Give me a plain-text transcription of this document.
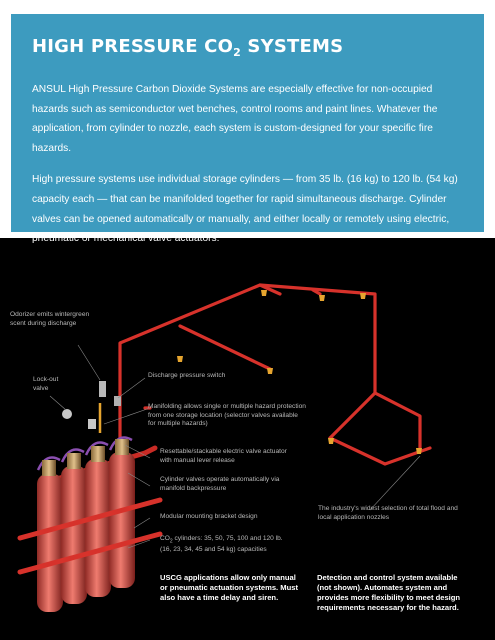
HIGH PRESSURE $CO_2$ SYSTEMS

ANSUL High Pressure Carbon Dioxide Systems are especially effective for non-occupied hazards such as semiconductor wet benches, control rooms and paint lines. Whatever the application, from cylinder to nozzle, each system is custom-designed for your specific fire hazards.

High pressure systems use individual storage cylinders — from 35 lb. (16 kg) to 120 lb. (54 kg) capacity each — that can be manifolded together for rapid simultaneous discharge. Cylinder valves can be opened automatically or manually, and either locally or remotely using electric, pneumatic or mechanical valve actuators.

Odorizer emits wintergreen scent during discharge
Lock-out valve
Discharge pressure switch
Manifolding allows single or multiple hazard protection from one storage location (selector valves available for multiple hazards)
Resettable/stackable electric valve actuator with manual lever release
Cylinder valves operate automatically via manifold backpressure
Modular mounting bracket design
The industry's widest selection of total flood and local application nozzles
$CO_2$ cylinders: 35, 50, 75, 100 and 120 lb. (16, 23, 34, 45 and 54 kg) capacities
USCG applications allow only manual or pneumatic actuation systems. Must also have a time delay and siren.
Detection and control system available (not shown). Automates system and provides more flexibility to meet design requirements necessary for the hazard.
